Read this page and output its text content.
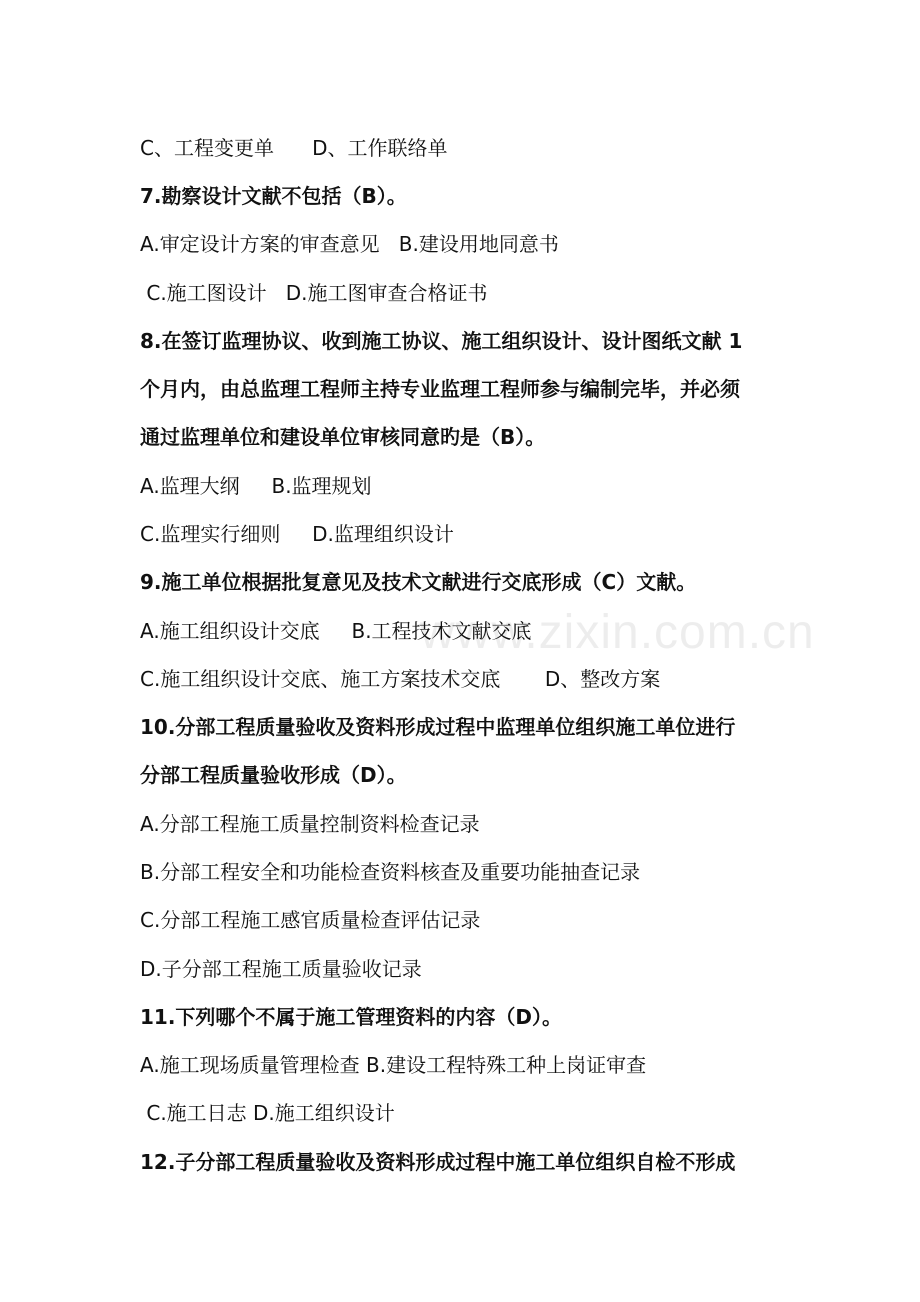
www.zixin.com.cn
C、工程变更单      D、工作联络单
7.勘察设计文献不包括（B）。
A.审定设计方案的审查意见   B.建设用地同意书
C.施工图设计   D.施工图审查合格证书
8.在签订监理协议、收到施工协议、施工组织设计、设计图纸文献 1
个月内，由总监理工程师主持专业监理工程师参与编制完毕，并必须
通过监理单位和建设单位审核同意旳是（B）。
A.监理大纲     B.监理规划
C.监理实行细则     D.监理组织设计
9.施工单位根据批复意见及技术文献进行交底形成（C）文献。
A.施工组织设计交底     B.工程技术文献交底
C.施工组织设计交底、施工方案技术交底       D、整改方案
10.分部工程质量验收及资料形成过程中监理单位组织施工单位进行
分部工程质量验收形成（D）。
A.分部工程施工质量控制资料检查记录
B.分部工程安全和功能检查资料核查及重要功能抽查记录
C.分部工程施工感官质量检查评估记录
D.子分部工程施工质量验收记录
11.下列哪个不属于施工管理资料的内容（D）。
A.施工现场质量管理检查 B.建设工程特殊工种上岗证审查
C.施工日志 D.施工组织设计
12.子分部工程质量验收及资料形成过程中施工单位组织自检不形成
